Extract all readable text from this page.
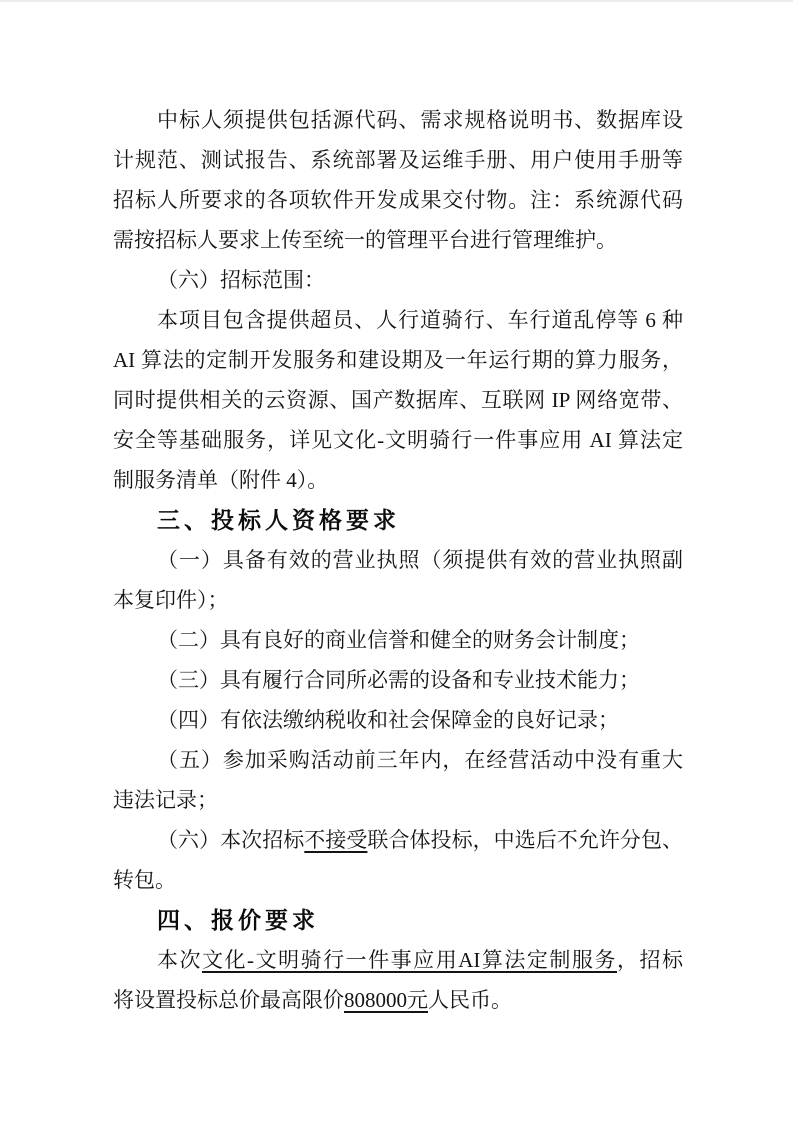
中标人须提供包括源代码、需求规格说明书、数据库设
计规范、测试报告、系统部署及运维手册、用户使用手册等
招标人所要求的各项软件开发成果交付物。注：系统源代码
需按招标人要求上传至统一的管理平台进行管理维护。
（六）招标范围：
本项目包含提供超员、人行道骑行、车行道乱停等 6 种
AI 算法的定制开发服务和建设期及一年运行期的算力服务，
同时提供相关的云资源、国产数据库、互联网 IP 网络宽带、
安全等基础服务，详见文化-文明骑行一件事应用 AI 算法定
制服务清单（附件 4）。
三、投标人资格要求
（一）具备有效的营业执照（须提供有效的营业执照副
本复印件）；
（二）具有良好的商业信誉和健全的财务会计制度；
（三）具有履行合同所必需的设备和专业技术能力；
（四）有依法缴纳税收和社会保障金的良好记录；
（五）参加采购活动前三年内，在经营活动中没有重大
违法记录；
（六）本次招标不接受联合体投标，中选后不允许分包、
转包。
四、报价要求
本次文化-文明骑行一件事应用AI算法定制服务，招标
将设置投标总价最高限价808000元人民币。
